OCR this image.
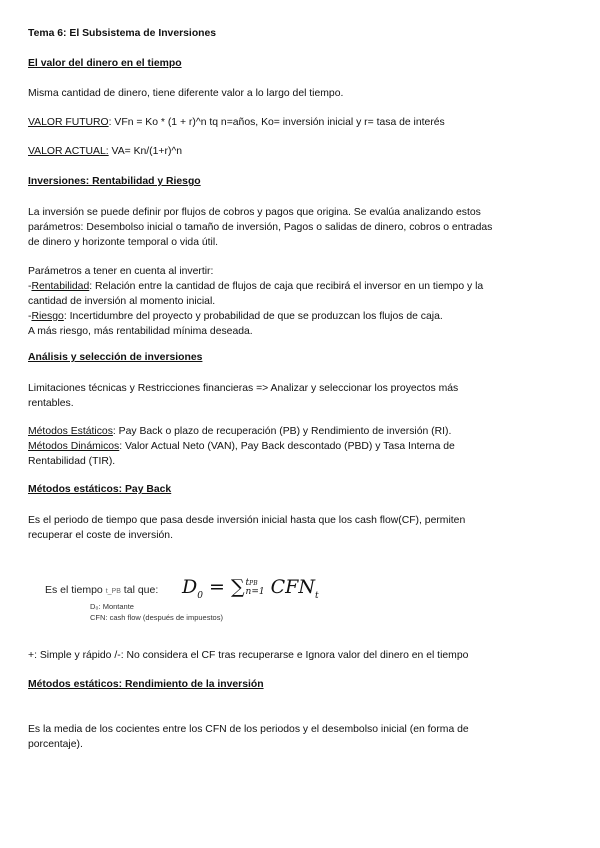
Tema 6: El Subsistema de Inversiones
El valor del dinero en el tiempo
Misma cantidad de dinero, tiene diferente valor a lo largo del tiempo.
VALOR FUTURO: VFn = Ko * (1 + r)^n tq n=años, Ko= inversión inicial y r= tasa de interés
VALOR ACTUAL: VA= Kn/(1+r)^n
Inversiones: Rentabilidad y Riesgo
La inversión se puede definir por flujos de cobros y pagos que origina. Se evalúa analizando estos
parámetros: Desembolso inicial o tamaño de inversión, Pagos o salidas de dinero, cobros o entradas
de dinero y horizonte temporal o vida útil.
Parámetros a tener en cuenta al invertir:
-Rentabilidad: Relación entre la cantidad de flujos de caja que recibirá el inversor en un tiempo y la
cantidad de inversión al momento inicial.
-Riesgo: Incertidumbre del proyecto y probabilidad de que se produzcan los flujos de caja.
A más riesgo, más rentabilidad mínima deseada.
Análisis y selección de inversiones
Limitaciones técnicas y Restricciones financieras => Analizar y seleccionar los proyectos más
rentables.
Métodos Estáticos: Pay Back o plazo de recuperación (PB) y Rendimiento de inversión (RI).
Métodos Dinámicos: Valor Actual Neto (VAN), Pay Back descontado (PBD) y Tasa Interna de
Rentabilidad (TIR).
Métodos estáticos: Pay Back
Es el periodo de tiempo que pasa desde inversión inicial hasta que los cash flow(CF), permiten
recuperar el coste de inversión.
Es el tiempo t_PB tal que: $D_0$ = ∑ tPB
n=1 $CFN_t$
D₀: Montante
CFN: cash flow (después de impuestos)
+: Simple y rápido /-: No considera el CF tras recuperarse e Ignora valor del dinero en el tiempo
Métodos estáticos: Rendimiento de la inversión
Es la media de los cocientes entre los CFN de los periodos y el desembolso inicial (en forma de
porcentaje).
